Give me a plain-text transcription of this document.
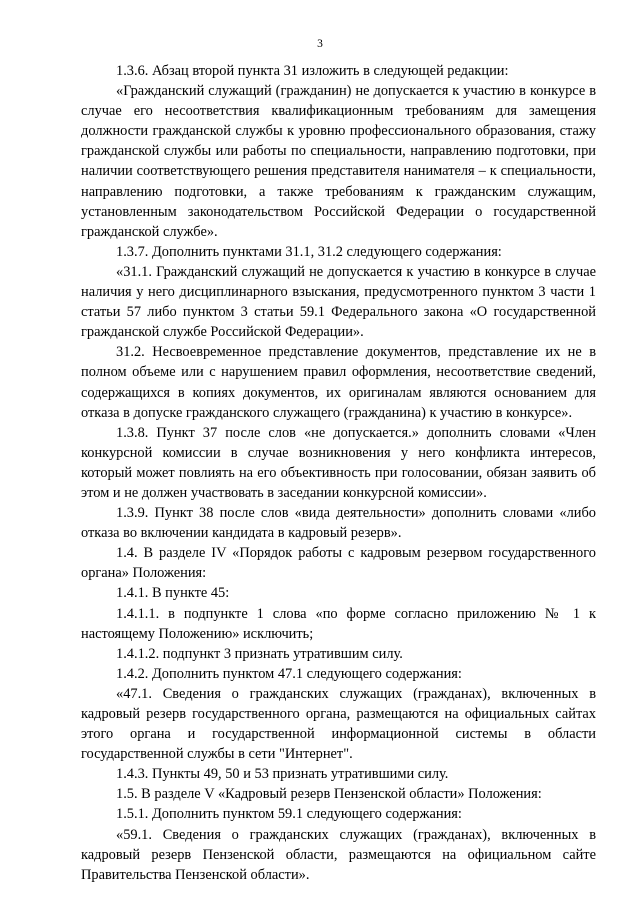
3

1.3.6. Абзац второй пункта 31 изложить в следующей редакции:

«Гражданский служащий (гражданин) не допускается к участию в конкурсе в случае его несоответствия квалификационным требованиям для замещения должности гражданской службы к уровню профессионального образования, стажу гражданской службы или работы по специальности, направлению подготовки, при наличии соответствующего решения представителя нанимателя – к специальности, направлению подготовки, а также требованиям к гражданским служащим, установленным законодательством Российской Федерации о государственной гражданской службе».

1.3.7. Дополнить пунктами 31.1, 31.2 следующего содержания:

«31.1. Гражданский служащий не допускается к участию в конкурсе в случае наличия у него дисциплинарного взыскания, предусмотренного пунктом 3 части 1 статьи 57 либо пунктом 3 статьи 59.1 Федерального закона «О государственной гражданской службе Российской Федерации».

31.2. Несвоевременное представление документов, представление их не в полном объеме или с нарушением правил оформления, несоответствие сведений, содержащихся в копиях документов, их оригиналам являются основанием для отказа в допуске гражданского служащего (гражданина) к участию в конкурсе».

1.3.8. Пункт 37 после слов «не допускается.» дополнить словами «Член конкурсной комиссии в случае возникновения у него конфликта интересов, который может повлиять на его объективность при голосовании, обязан заявить об этом и не должен участвовать в заседании конкурсной комиссии».

1.3.9. Пункт 38 после слов «вида деятельности» дополнить словами «либо отказа во включении кандидата в кадровый резерв».

1.4. В разделе IV «Порядок работы с кадровым резервом государственного органа» Положения:

1.4.1. В пункте 45:

1.4.1.1. в подпункте 1 слова «по форме согласно приложению № 1 к настоящему Положению» исключить;

1.4.1.2. подпункт 3 признать утратившим силу.

1.4.2. Дополнить пунктом 47.1 следующего содержания:

«47.1. Сведения о гражданских служащих (гражданах), включенных в кадровый резерв государственного органа, размещаются на официальных сайтах этого органа и государственной информационной системы в области государственной службы в сети "Интернет".

1.4.3. Пункты 49, 50 и 53 признать утратившими силу.

1.5. В разделе V «Кадровый резерв Пензенской области» Положения:

1.5.1. Дополнить пунктом 59.1 следующего содержания:

«59.1. Сведения о гражданских служащих (гражданах), включенных в кадровый резерв Пензенской области, размещаются на официальном сайте Правительства Пензенской области».
